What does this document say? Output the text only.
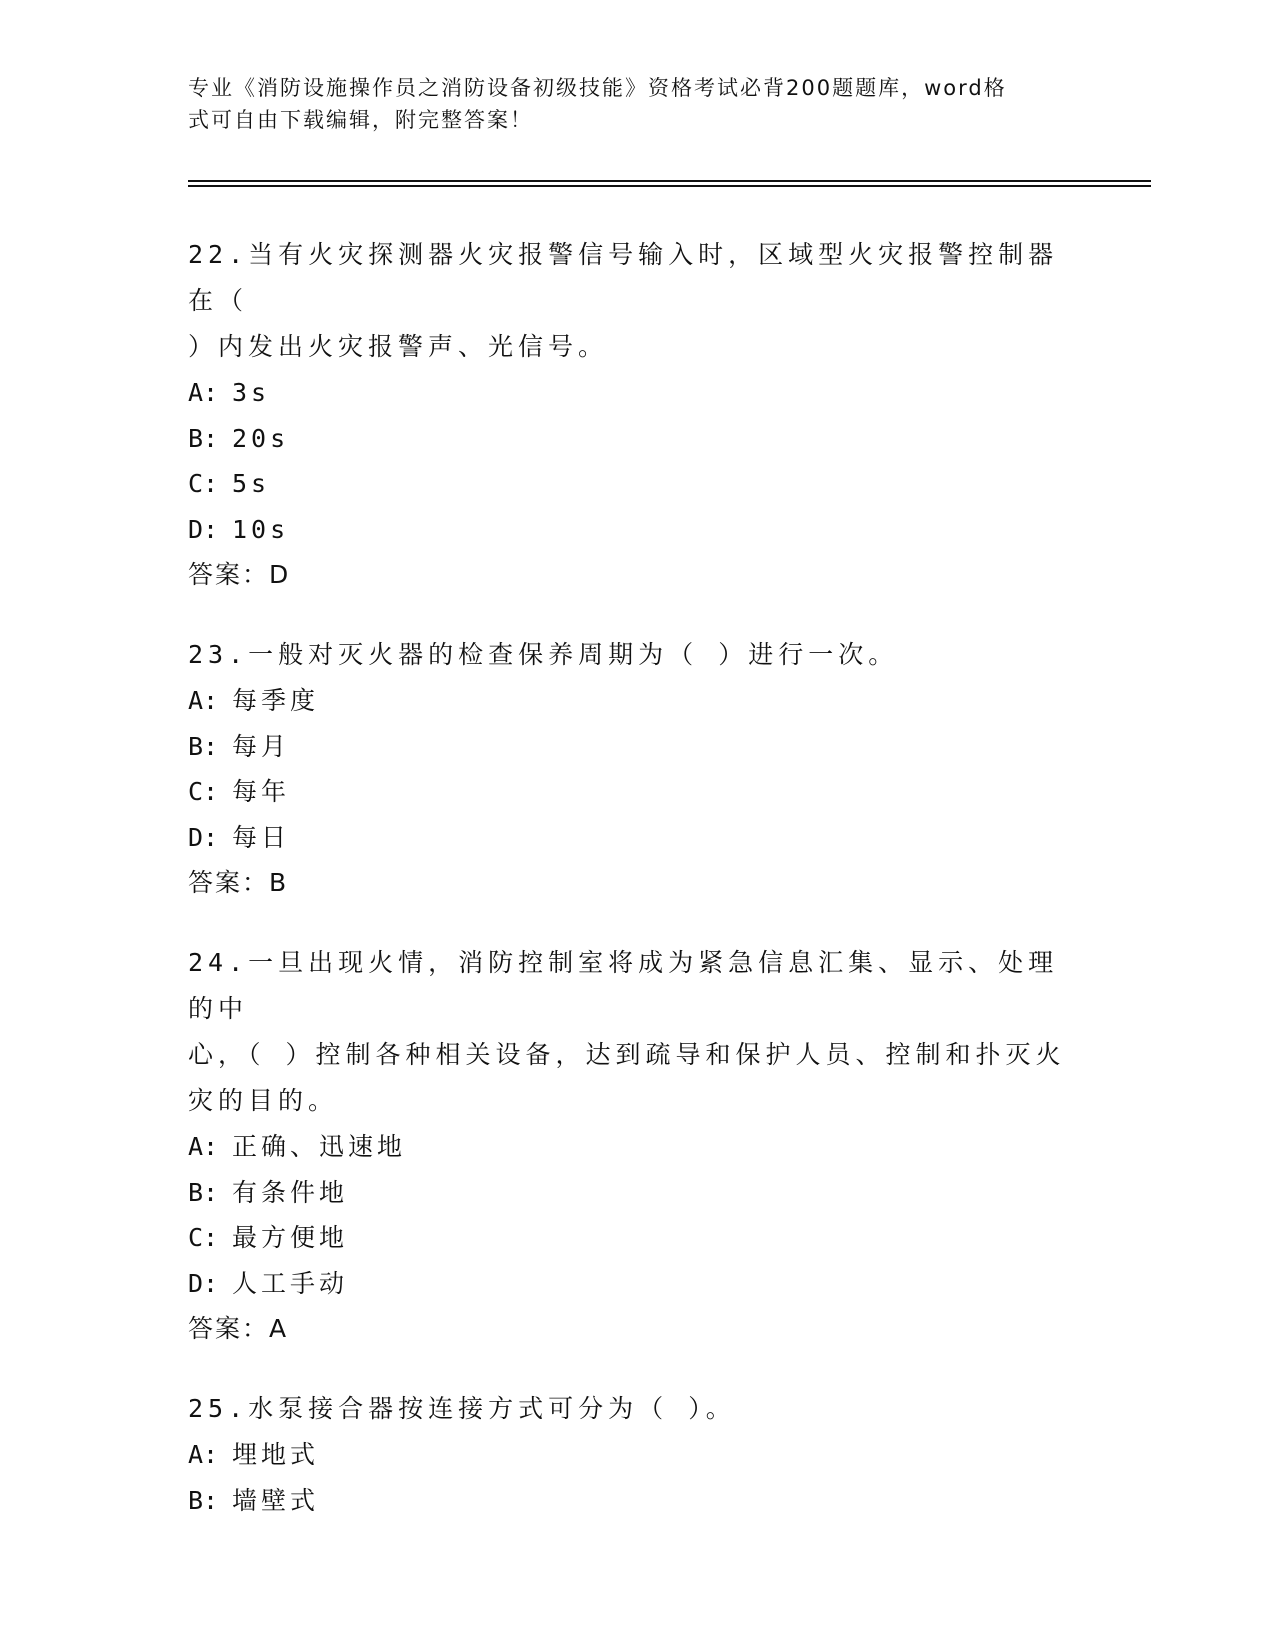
专业《消防设施操作员之消防设备初级技能》资格考试必背200题题库，word格
式可自由下载编辑，附完整答案！
22.当有火灾探测器火灾报警信号输入时，区域型火灾报警控制器在（
）内发出火灾报警声、光信号。
A: 3s
B: 20s
C: 5s
D: 10s
答案：D
23.一般对灭火器的检查保养周期为（ ）进行一次。
A: 每季度
B: 每月
C: 每年
D: 每日
答案：B
24.一旦出现火情，消防控制室将成为紧急信息汇集、显示、处理的中
心，（ ）控制各种相关设备，达到疏导和保护人员、控制和扑灭火
灾的目的。
A: 正确、迅速地
B: 有条件地
C: 最方便地
D: 人工手动
答案：A
25.水泵接合器按连接方式可分为（ ）。
A: 埋地式
B: 墙壁式
